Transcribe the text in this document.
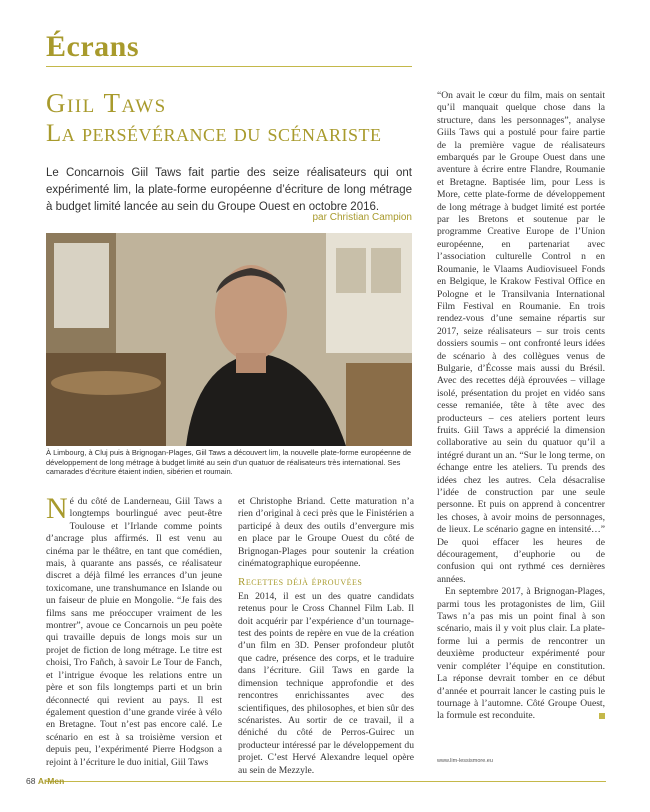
Écrans
Giil Taws
La persévérance du scénariste
Le Concarnois Giil Taws fait partie des seize réalisateurs qui ont expérimenté lim, la plate-forme européenne d’écriture de long métrage à budget limité lancée au sein du Groupe Ouest en octobre 2016.
par Christian Campion
À Limbourg, à Cluj puis à Brignogan-Plages, Giil Taws a découvert lim, la nouvelle plate-forme européenne de développement de long métrage à budget limité au sein d’un quatuor de réalisateurs très international. Ses camarades d’écriture étaient indien, sibérien et roumain.
N é du côté de Landerneau, Giil Taws a longtemps bourlingué avec peut-être Toulouse et l’Irlande comme points d’ancrage plus affirmés. Il est venu au cinéma par le théâtre, en tant que comédien, mais, à quarante ans passés, ce réalisateur discret a déjà filmé les errances d’un jeune toxicomane, une transhumance en Islande ou un faiseur de pluie en Mongolie. “Je fais des films sans me préoccuper vraiment de les montrer”, avoue ce Concarnois un peu poète qui travaille depuis de longs mois sur un projet de fiction de long métrage. Le titre est choisi, Tro Fañch, à savoir Le Tour de Fanch, et l’intrigue évoque les relations entre un père et son fils longtemps parti et un brin déconnecté qui revient au pays. Il est également question d’une grande virée à vélo en Bretagne. Tout n’est pas encore calé. Le scénario en est à sa troisième version et depuis peu, l’expérimenté Pierre Hodgson a rejoint à l’écriture le duo initial, Giil Taws

et Christophe Briand. Cette maturation n’a rien d’original à ceci près que le Finistérien a participé à deux des outils d’envergure mis en place par le Groupe Ouest du côté de Brignogan-Plages pour soutenir la création cinématographique européenne.

Recettes déjà éprouvées

En 2014, il est un des quatre candidats retenus pour le Cross Channel Film Lab. Il doit acquérir par l’expérience d’un tournage-test des points de repère en vue de la création d’un film en 3D. Penser profondeur plutôt que cadre, présence des corps, et le traduire dans l’écriture. Giil Taws en garde la dimension technique approfondie et des rencontres enrichissantes avec des scientifiques, des philosophes, et bien sûr des scénaristes. Au sortir de ce travail, il a déniché du côté de Perros-Guirec un producteur intéressé par le développement du projet. C’est Hervé Alexandre lequel opère au sein de Mezzyle.

“On avait le cœur du film, mais on sentait qu’il manquait quelque chose dans la structure, dans les personnages”, analyse Giils Taws qui a postulé pour faire partie de la première vague de réalisateurs embarqués par le Groupe Ouest dans une aventure à écrire entre Flandre, Roumanie et Bretagne. Baptisée lim, pour Less is More, cette plate-forme de développement de long métrage à budget limité est portée par les Bretons et soutenue par le programme Creative Europe de l’Union européenne, en partenariat avec l’association culturelle Control n en Roumanie, le Vlaams Audiovisueel Fonds en Belgique, le Krakow Festival Office en Pologne et le Transilvania International Film Festival en Roumanie. En trois rendez-vous d’une semaine répartis sur 2017, seize réalisateurs – sur trois cents dossiers soumis – ont confronté leurs idées de scénario à des collègues venus de Bulgarie, d’Écosse mais aussi du Brésil. Avec des recettes déjà éprouvées – village isolé, présentation du projet en vidéo sans cesse remaniée, tête à tête avec des producteurs – ces ateliers portent leurs fruits. Giil Taws a apprécié la dimension collaborative au sein du quatuor qu’il a intégré durant un an. “Sur le long terme, on échange entre les ateliers. Tu prends des idées chez les autres. Cela désacralise l’idée de construction par une seule personne. Et puis on apprend à concentrer les choses, à avoir moins de personnages, de lieux. Le scénario gagne en intensité…” De quoi effacer les heures de découragement, d’euphorie ou de confusion qui ont rythmé ces dernières années.

En septembre 2017, à Brignogan-Plages, parmi tous les protagonistes de lim, Giil Taws n’a pas mis un point final à son scénario, mais il y voit plus clair. La plate-forme lui a permis de rencontrer un deuxième producteur expérimenté pour venir compléter l’équipe en constitution. La réponse devrait tomber en ce début d’année et pourrait lancer le casting puis le tournage à l’automne. Côté Groupe Ouest, la formule est reconduite.

www.lim-lessismore.eu
68 ArMen
